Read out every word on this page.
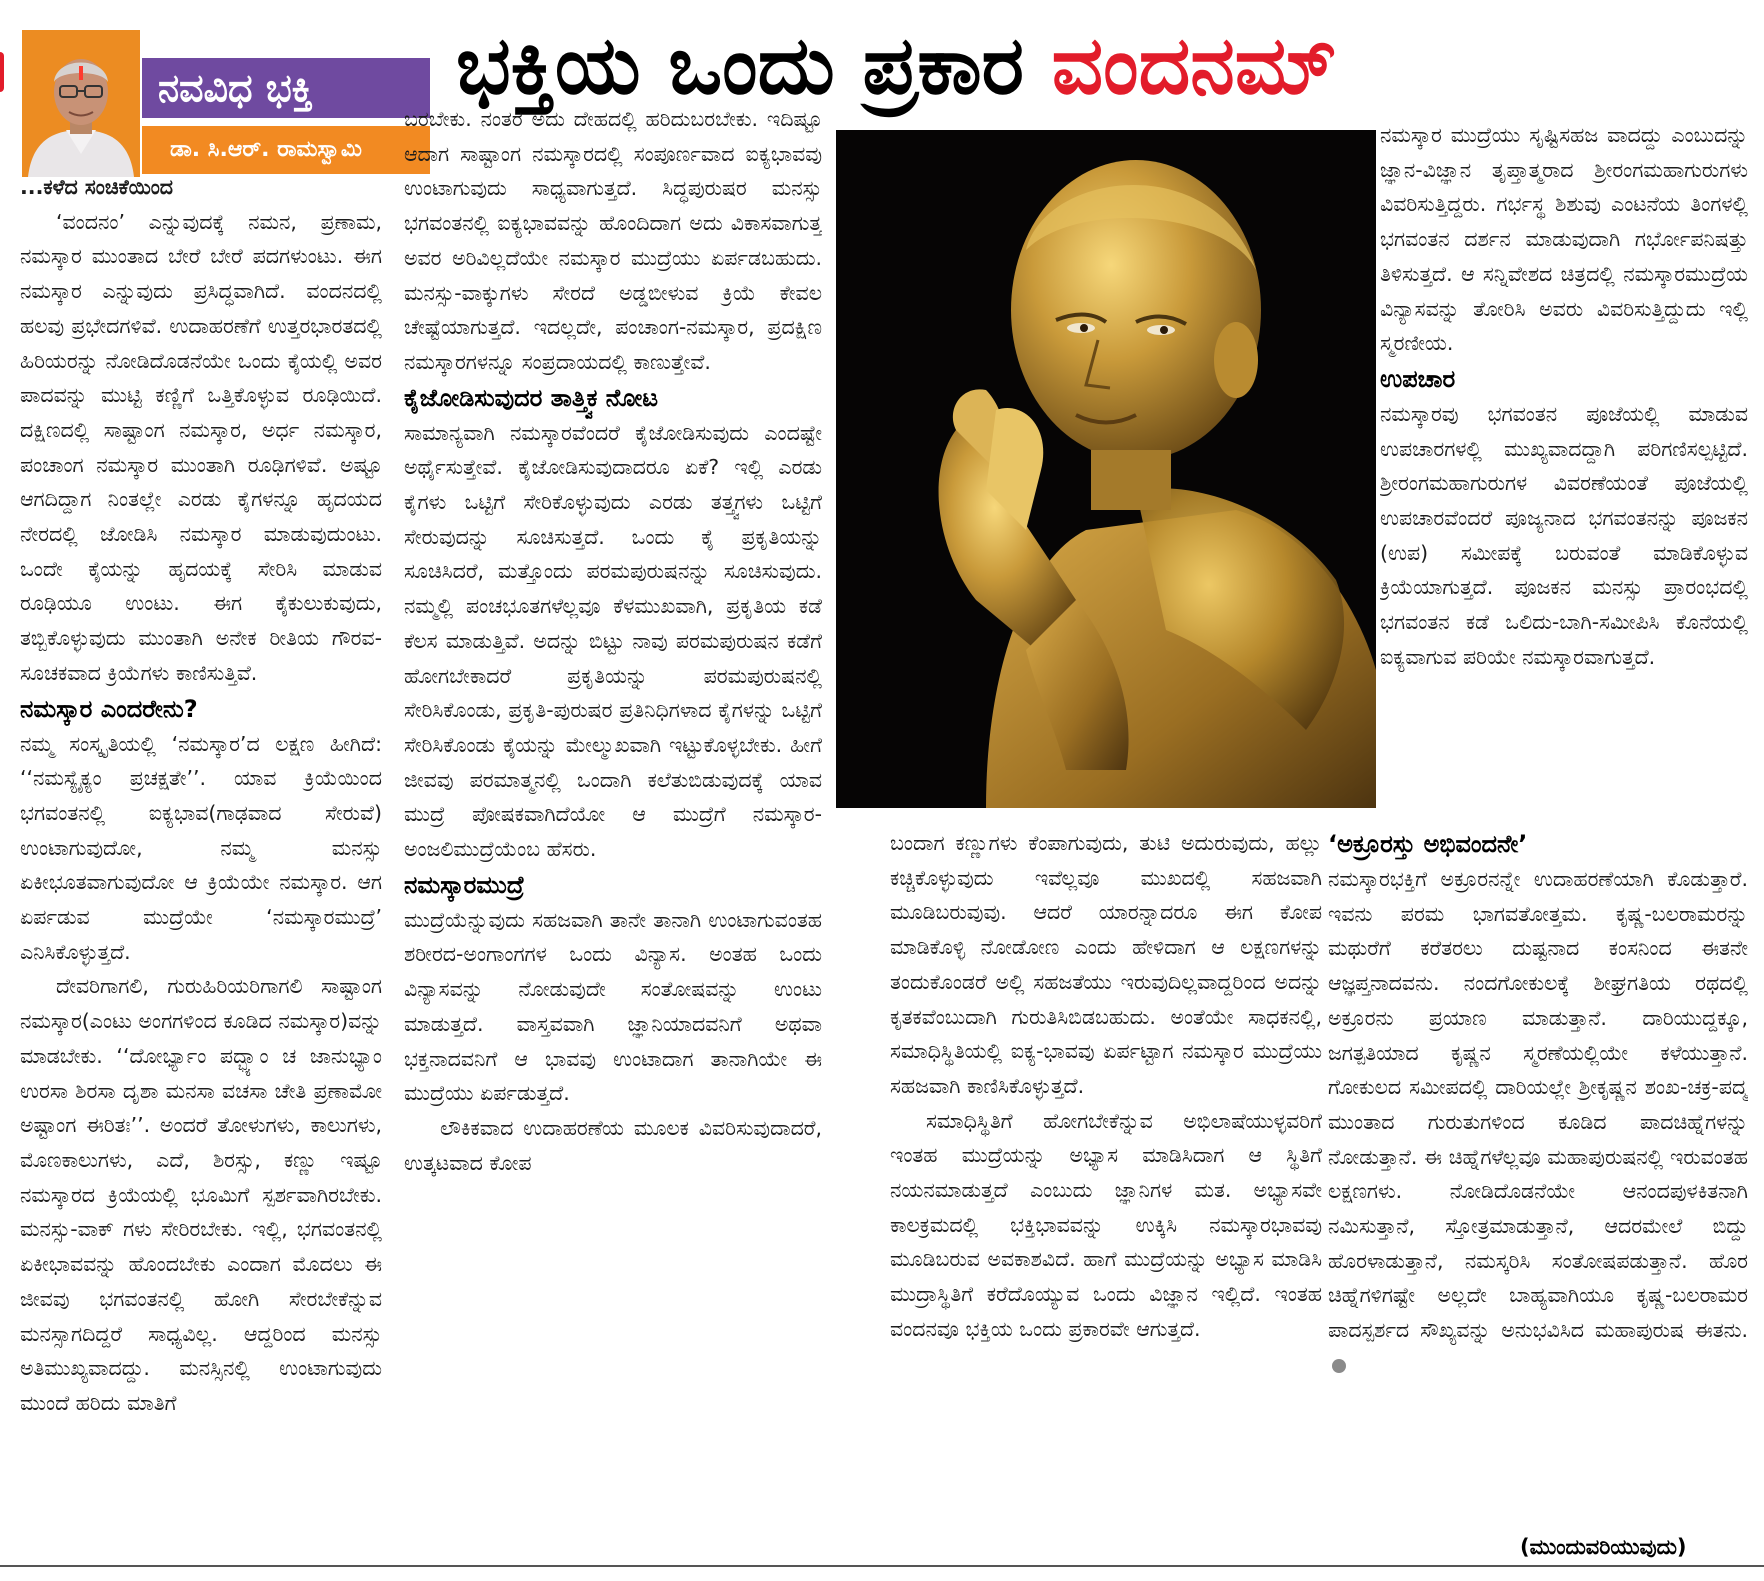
ನವವಿಧ ಭಕ್ತಿ
ಡಾ. ಸಿ.ಆರ್. ರಾಮಸ್ವಾಮಿ
ಭಕ್ತಿಯ ಒಂದು ಪ್ರಕಾರ ವಂದನಮ್

...ಕಳೆದ ಸಂಚಿಕೆಯಿಂದ

‘ವಂದನಂ’ ಎನ್ನುವುದಕ್ಕೆ ನಮನ, ಪ್ರಣಾಮ, ನಮಸ್ಕಾರ ಮುಂತಾದ ಬೇರೆ ಬೇರೆ ಪದಗಳುಂಟು. ಈಗ ನಮಸ್ಕಾರ ಎನ್ನುವುದು ಪ್ರಸಿದ್ಧವಾಗಿದೆ. ವಂದನದಲ್ಲಿ ಹಲವು ಪ್ರಭೇದಗಳಿವೆ. ಉದಾಹರಣೆಗೆ ಉತ್ತರಭಾರತದಲ್ಲಿ ಹಿರಿಯರನ್ನು ನೋಡಿದೊಡನೆಯೇ ಒಂದು ಕೈಯಲ್ಲಿ ಅವರ ಪಾದವನ್ನು ಮುಟ್ಟಿ ಕಣ್ಣಿಗೆ ಒತ್ತಿಕೊಳ್ಳುವ ರೂಢಿಯಿದೆ. ದಕ್ಷಿಣದಲ್ಲಿ ಸಾಷ್ಟಾಂಗ ನಮಸ್ಕಾರ, ಅರ್ಧ ನಮಸ್ಕಾರ, ಪಂಚಾಂಗ ನಮಸ್ಕಾರ ಮುಂತಾಗಿ ರೂಢಿಗಳಿವೆ. ಅಷ್ಟೂ ಆಗದಿದ್ದಾಗ ನಿಂತಲ್ಲೇ ಎರಡು ಕೈಗಳನ್ನೂ ಹೃದಯದ ನೇರದಲ್ಲಿ ಜೋಡಿಸಿ ನಮಸ್ಕಾರ ಮಾಡುವುದುಂಟು. ಒಂದೇ ಕೈಯನ್ನು ಹೃದಯಕ್ಕೆ ಸೇರಿಸಿ ಮಾಡುವ ರೂಢಿಯೂ ಉಂಟು. ಈಗ ಕೈಕುಲುಕುವುದು, ತಬ್ಬಿಕೊಳ್ಳುವುದು ಮುಂತಾಗಿ ಅನೇಕ ರೀತಿಯ ಗೌರವ-ಸೂಚಕವಾದ ಕ್ರಿಯೆಗಳು ಕಾಣಿಸುತ್ತಿವೆ.

ನಮಸ್ಕಾರ ಎಂದರೇನು?

ನಮ್ಮ ಸಂಸ್ಕೃತಿಯಲ್ಲಿ ‘ನಮಸ್ಕಾರ’ದ ಲಕ್ಷಣ ಹೀಗಿದೆ: ‘‘ನಮಸ್ಯೈಕ್ಯಂ ಪ್ರಚಕ್ಷತೇ’’. ಯಾವ ಕ್ರಿಯೆಯಿಂದ ಭಗವಂತನಲ್ಲಿ ಐಕ್ಯಭಾವ(ಗಾಢವಾದ ಸೇರುವೆ) ಉಂಟಾಗುವುದೋ, ನಮ್ಮ ಮನಸ್ಸು ಏಕೀಭೂತವಾಗುವುದೋ ಆ ಕ್ರಿಯೆಯೇ ನಮಸ್ಕಾರ. ಆಗ ಏರ್ಪಡುವ ಮುದ್ರೆಯೇ ‘ನಮಸ್ಕಾರಮುದ್ರೆ’ ಎನಿಸಿಕೊಳ್ಳುತ್ತದೆ.

ದೇವರಿಗಾಗಲಿ, ಗುರುಹಿರಿಯರಿಗಾಗಲಿ ಸಾಷ್ಟಾಂಗ ನಮಸ್ಕಾರ(ಎಂಟು ಅಂಗಗಳಿಂದ ಕೂಡಿದ ನಮಸ್ಕಾರ)ವನ್ನು ಮಾಡಬೇಕು. ‘‘ದೋರ್ಭ್ಯಾಂ ಪದ್ಭ್ಯಾಂ ಚ ಜಾನುಭ್ಯಾಂ ಉರಸಾ ಶಿರಸಾ ದೃಶಾ ಮನಸಾ ವಚಸಾ ಚೇತಿ ಪ್ರಣಾಮೋ ಅಷ್ಟಾಂಗ ಈರಿತಃ’’. ಅಂದರೆ ತೋಳುಗಳು, ಕಾಲುಗಳು, ಮೊಣಕಾಲುಗಳು, ಎದೆ, ಶಿರಸ್ಸು, ಕಣ್ಣು ಇಷ್ಟೂ ನಮಸ್ಕಾರದ ಕ್ರಿಯೆಯಲ್ಲಿ ಭೂಮಿಗೆ ಸ್ಪರ್ಶವಾಗಿರಬೇಕು. ಮನಸ್ಸು-ವಾಕ್ ಗಳು ಸೇರಿರಬೇಕು. ಇಲ್ಲಿ, ಭಗವಂತನಲ್ಲಿ ಏಕೀಭಾವವನ್ನು ಹೊಂದಬೇಕು ಎಂದಾಗ ಮೊದಲು ಈ ಜೀವವು ಭಗವಂತನಲ್ಲಿ ಹೋಗಿ ಸೇರಬೇಕೆನ್ನುವ ಮನಸ್ಸಾಗದಿದ್ದರೆ ಸಾಧ್ಯವಿಲ್ಲ. ಆದ್ದರಿಂದ ಮನಸ್ಸು ಅತಿಮುಖ್ಯವಾದದ್ದು. ಮನಸ್ಸಿನಲ್ಲಿ ಉಂಟಾಗುವುದು ಮುಂದೆ ಹರಿದು ಮಾತಿಗೆ

ಬರಬೇಕು. ನಂತರ ಅದು ದೇಹದಲ್ಲಿ ಹರಿದುಬರಬೇಕು. ಇದಿಷ್ಟೂ ಆದಾಗ ಸಾಷ್ಟಾಂಗ ನಮಸ್ಕಾರದಲ್ಲಿ ಸಂಪೂರ್ಣವಾದ ಐಕ್ಯಭಾವವು ಉಂಟಾಗುವುದು ಸಾಧ್ಯವಾಗುತ್ತದೆ. ಸಿದ್ಧಪುರುಷರ ಮನಸ್ಸು ಭಗವಂತನಲ್ಲಿ ಐಕ್ಯಭಾವವನ್ನು ಹೊಂದಿದಾಗ ಅದು ವಿಕಾಸವಾಗುತ್ತ ಅವರ ಅರಿವಿಲ್ಲದೆಯೇ ನಮಸ್ಕಾರ ಮುದ್ರೆಯು ಏರ್ಪಡಬಹುದು. ಮನಸ್ಸು-ವಾಕ್ಕುಗಳು ಸೇರದೆ ಅಡ್ಡಬೀಳುವ ಕ್ರಿಯೆ ಕೇವಲ ಚೇಷ್ಟೆಯಾಗುತ್ತದೆ. ಇದಲ್ಲದೇ, ಪಂಚಾಂಗ-ನಮಸ್ಕಾರ, ಪ್ರದಕ್ಷಿಣ ನಮಸ್ಕಾರಗಳನ್ನೂ ಸಂಪ್ರದಾಯದಲ್ಲಿ ಕಾಣುತ್ತೇವೆ.

ಕೈಜೋಡಿಸುವುದರ ತಾತ್ತ್ವಿಕ ನೋಟ

ಸಾಮಾನ್ಯವಾಗಿ ನಮಸ್ಕಾರವೆಂದರೆ ಕೈಜೋಡಿಸುವುದು ಎಂದಷ್ಟೇ ಅರ್ಥೈಸುತ್ತೇವೆ. ಕೈಜೋಡಿಸುವುದಾದರೂ ಏಕೆ? ಇಲ್ಲಿ ಎರಡು ಕೈಗಳು ಒಟ್ಟಿಗೆ ಸೇರಿಕೊಳ್ಳುವುದು ಎರಡು ತತ್ತ್ವಗಳು ಒಟ್ಟಿಗೆ ಸೇರುವುದನ್ನು ಸೂಚಿಸುತ್ತದೆ. ಒಂದು ಕೈ ಪ್ರಕೃತಿಯನ್ನು ಸೂಚಿಸಿದರೆ, ಮತ್ತೊಂದು ಪರಮಪುರುಷನನ್ನು ಸೂಚಿಸುವುದು. ನಮ್ಮಲ್ಲಿ ಪಂಚಭೂತಗಳೆಲ್ಲವೂ ಕೆಳಮುಖವಾಗಿ, ಪ್ರಕೃತಿಯ ಕಡೆ ಕೆಲಸ ಮಾಡುತ್ತಿವೆ. ಅದನ್ನು ಬಿಟ್ಟು ನಾವು ಪರಮಪುರುಷನ ಕಡೆಗೆ ಹೋಗಬೇಕಾದರೆ ಪ್ರಕೃತಿಯನ್ನು ಪರಮಪುರುಷನಲ್ಲಿ ಸೇರಿಸಿಕೊಂಡು, ಪ್ರಕೃತಿ-ಪುರುಷರ ಪ್ರತಿನಿಧಿಗಳಾದ ಕೈಗಳನ್ನು ಒಟ್ಟಿಗೆ ಸೇರಿಸಿಕೊಂಡು ಕೈಯನ್ನು ಮೇಲ್ಮುಖವಾಗಿ ಇಟ್ಟುಕೊಳ್ಳಬೇಕು. ಹೀಗೆ ಜೀವವು ಪರಮಾತ್ಮನಲ್ಲಿ ಒಂದಾಗಿ ಕಲೆತುಬಿಡುವುದಕ್ಕೆ ಯಾವ ಮುದ್ರೆ ಪೋಷಕವಾಗಿದೆಯೋ ಆ ಮುದ್ರೆಗೆ ನಮಸ್ಕಾರ-ಅಂಜಲಿಮುದ್ರೆಯೆಂಬ ಹೆಸರು.

ನಮಸ್ಕಾರಮುದ್ರೆ

ಮುದ್ರೆಯೆನ್ನುವುದು ಸಹಜವಾಗಿ ತಾನೇ ತಾನಾಗಿ ಉಂಟಾಗುವಂತಹ ಶರೀರದ-ಅಂಗಾಂಗಗಳ ಒಂದು ವಿನ್ಯಾಸ. ಅಂತಹ ಒಂದು ವಿನ್ಯಾಸವನ್ನು ನೋಡುವುದೇ ಸಂತೋಷವನ್ನು ಉಂಟು ಮಾಡುತ್ತದೆ. ವಾಸ್ತವವಾಗಿ ಜ್ಞಾನಿಯಾದವನಿಗೆ ಅಥವಾ ಭಕ್ತನಾದವನಿಗೆ ಆ ಭಾವವು ಉಂಟಾದಾಗ ತಾನಾಗಿಯೇ ಈ ಮುದ್ರೆಯು ಏರ್ಪಡುತ್ತದೆ.

ಲೌಕಿಕವಾದ ಉದಾಹರಣೆಯ ಮೂಲಕ ವಿವರಿಸುವುದಾದರೆ, ಉತ್ಕಟವಾದ ಕೋಪ

ಬಂದಾಗ ಕಣ್ಣುಗಳು ಕೆಂಪಾಗುವುದು, ತುಟಿ ಅದುರುವುದು, ಹಲ್ಲು ಕಚ್ಚಿಕೊಳ್ಳುವುದು ಇವೆಲ್ಲವೂ ಮುಖದಲ್ಲಿ ಸಹಜವಾಗಿ ಮೂಡಿಬರುವುವು. ಆದರೆ ಯಾರನ್ನಾದರೂ ಈಗ ಕೋಪ ಮಾಡಿಕೊಳ್ಳಿ ನೋಡೋಣ ಎಂದು ಹೇಳಿದಾಗ ಆ ಲಕ್ಷಣಗಳನ್ನು ತಂದುಕೊಂಡರೆ ಅಲ್ಲಿ ಸಹಜತೆಯು ಇರುವುದಿಲ್ಲವಾದ್ದರಿಂದ ಅದನ್ನು ಕೃತಕವೆಂಬುದಾಗಿ ಗುರುತಿಸಿಬಿಡಬಹುದು. ಅಂತೆಯೇ ಸಾಧಕನಲ್ಲಿ, ಸಮಾಧಿಸ್ಥಿತಿಯಲ್ಲಿ ಐಕ್ಯ-ಭಾವವು ಏರ್ಪಟ್ಟಾಗ ನಮಸ್ಕಾರ ಮುದ್ರೆಯು ಸಹಜವಾಗಿ ಕಾಣಿಸಿಕೊಳ್ಳುತ್ತದೆ.

ಸಮಾಧಿಸ್ಥಿತಿಗೆ ಹೋಗಬೇಕೆನ್ನುವ ಅಭಿಲಾಷೆಯುಳ್ಳವರಿಗೆ ಇಂತಹ ಮುದ್ರೆಯನ್ನು ಅಭ್ಯಾಸ ಮಾಡಿಸಿದಾಗ ಆ ಸ್ಥಿತಿಗೆ ನಯನಮಾಡುತ್ತದೆ ಎಂಬುದು ಜ್ಞಾನಿಗಳ ಮತ. ಅಭ್ಯಾಸವೇ ಕಾಲಕ್ರಮದಲ್ಲಿ ಭಕ್ತಿಭಾವವನ್ನು ಉಕ್ಕಿಸಿ ನಮಸ್ಕಾರಭಾವವು ಮೂಡಿಬರುವ ಅವಕಾಶವಿದೆ. ಹಾಗೆ ಮುದ್ರೆಯನ್ನು ಅಭ್ಯಾಸ ಮಾಡಿಸಿ ಮುದ್ರಾಸ್ಥಿತಿಗೆ ಕರೆದೊಯ್ಯುವ ಒಂದು ವಿಜ್ಞಾನ ಇಲ್ಲಿದೆ. ಇಂತಹ ವಂದನವೂ ಭಕ್ತಿಯ ಒಂದು ಪ್ರಕಾರವೇ ಆಗುತ್ತದೆ.

ನಮಸ್ಕಾರ ಮುದ್ರೆಯು ಸೃಷ್ಟಿಸಹಜ ವಾದದ್ದು ಎಂಬುದನ್ನು ಜ್ಞಾನ-ವಿಜ್ಞಾನ ತೃಪ್ತಾತ್ಮರಾದ ಶ್ರೀರಂಗಮಹಾಗುರುಗಳು ವಿವರಿಸುತ್ತಿದ್ದರು. ಗರ್ಭಸ್ಥ ಶಿಶುವು ಎಂಟನೆಯ ತಿಂಗಳಲ್ಲಿ ಭಗವಂತನ ದರ್ಶನ ಮಾಡುವುದಾಗಿ ಗರ್ಭೋಪನಿಷತ್ತು ತಿಳಿಸುತ್ತದೆ. ಆ ಸನ್ನಿವೇಶದ ಚಿತ್ರದಲ್ಲಿ ನಮಸ್ಕಾರಮುದ್ರೆಯ ವಿನ್ಯಾಸವನ್ನು ತೋರಿಸಿ ಅವರು ವಿವರಿಸುತ್ತಿದ್ದುದು ಇಲ್ಲಿ ಸ್ಮರಣೀಯ.

ಉಪಚಾರ

ನಮಸ್ಕಾರವು ಭಗವಂತನ ಪೂಜೆಯಲ್ಲಿ ಮಾಡುವ ಉಪಚಾರಗಳಲ್ಲಿ ಮುಖ್ಯವಾದದ್ದಾಗಿ ಪರಿಗಣಿಸಲ್ಪಟ್ಟಿದೆ. ಶ್ರೀರಂಗಮಹಾಗುರುಗಳ ವಿವರಣೆಯಂತೆ ಪೂಜೆಯಲ್ಲಿ ಉಪಚಾರವೆಂದರೆ ಪೂಜ್ಯನಾದ ಭಗವಂತನನ್ನು ಪೂಜಕನ (ಉಪ) ಸಮೀಪಕ್ಕೆ ಬರುವಂತೆ ಮಾಡಿಕೊಳ್ಳುವ ಕ್ರಿಯೆಯಾಗುತ್ತದೆ. ಪೂಜಕನ ಮನಸ್ಸು ಪ್ರಾರಂಭದಲ್ಲಿ ಭಗವಂತನ ಕಡೆ ಒಲಿದು-ಬಾಗಿ-ಸಮೀಪಿಸಿ ಕೊನೆಯಲ್ಲಿ ಐಕ್ಯವಾಗುವ ಪರಿಯೇ ನಮಸ್ಕಾರವಾಗುತ್ತದೆ.

‘ಅಕ್ರೂರಸ್ತು ಅಭಿವಂದನೇ’

ನಮಸ್ಕಾರಭಕ್ತಿಗೆ ಅಕ್ರೂರನನ್ನೇ ಉದಾಹರಣೆಯಾಗಿ ಕೊಡುತ್ತಾರೆ. ಇವನು ಪರಮ ಭಾಗವತೋತ್ತಮ. ಕೃಷ್ಣ-ಬಲರಾಮರನ್ನು ಮಥುರೆಗೆ ಕರೆತರಲು ದುಷ್ಟನಾದ ಕಂಸನಿಂದ ಈತನೇ ಆಜ್ಞಪ್ತನಾದವನು. ನಂದಗೋಕುಲಕ್ಕೆ ಶೀಘ್ರಗತಿಯ ರಥದಲ್ಲಿ ಅಕ್ರೂರನು ಪ್ರಯಾಣ ಮಾಡುತ್ತಾನೆ. ದಾರಿಯುದ್ದಕ್ಕೂ, ಜಗತ್ಪತಿಯಾದ ಕೃಷ್ಣನ ಸ್ಮರಣೆಯಲ್ಲಿಯೇ ಕಳೆಯುತ್ತಾನೆ. ಗೋಕುಲದ ಸಮೀಪದಲ್ಲಿ ದಾರಿಯಲ್ಲೇ ಶ್ರೀಕೃಷ್ಣನ ಶಂಖ-ಚಕ್ರ-ಪದ್ಮ ಮುಂತಾದ ಗುರುತುಗಳಿಂದ ಕೂಡಿದ ಪಾದಚಿಹ್ನೆಗಳನ್ನು ನೋಡುತ್ತಾನೆ. ಈ ಚಿಹ್ನೆಗಳೆಲ್ಲವೂ ಮಹಾಪುರುಷನಲ್ಲಿ ಇರುವಂತಹ ಲಕ್ಷಣಗಳು. ನೋಡಿದೊಡನೆಯೇ ಆನಂದಪುಳಕಿತನಾಗಿ ನಮಿಸುತ್ತಾನೆ, ಸ್ತೋತ್ರಮಾಡುತ್ತಾನೆ, ಆದರಮೇಲೆ ಬಿದ್ದು ಹೊರಳಾಡುತ್ತಾನೆ, ನಮಸ್ಕರಿಸಿ ಸಂತೋಷಪಡುತ್ತಾನೆ. ಹೊರ ಚಿಹ್ನೆಗಳಿಗಷ್ಟೇ ಅಲ್ಲದೇ ಬಾಹ್ಯವಾಗಿಯೂ ಕೃಷ್ಣ-ಬಲರಾಮರ ಪಾದಸ್ಪರ್ಶದ ಸೌಖ್ಯವನ್ನು ಅನುಭವಿಸಿದ ಮಹಾಪುರುಷ ಈತನು.

(ಮುಂದುವರಿಯುವುದು)
